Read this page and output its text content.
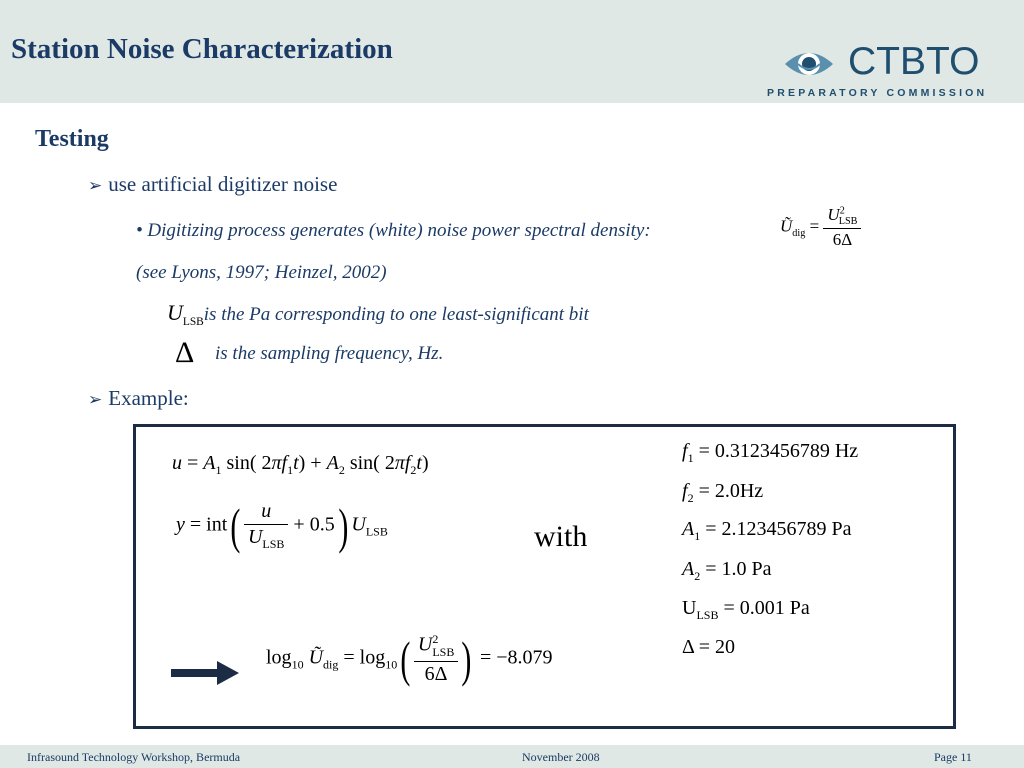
Station Noise Characterization	CTBTO
PREPARATORY COMMISSION
Testing
➢ use artificial digitizer noise
• Digitizing process generates (white) noise power spectral density:	$Ũ_{dig} = \frac{U^2_{LSB}}{6\Delta}$
(see Lyons, 1997; Heinzel, 2002)
$U_{LSB}is$ the Pa corresponding to one least-significant bit
Δ is the sampling frequency, Hz.
➢ Example:
$u = A_1$ sin( $2\pi f_1t) + A_2$ sin( $2\pi f_2t$)
$y = int( \frac{u}{U_{LSB}} + 0.5)$ $U_{LSB}$	with
$f_1 = 0.3123456789$ Hz
$f_2 = 2.0Hz$
$A_1 = 2.123456789$ Pa
$A_2 = 1.0$ Pa
$U_{LSB} = 0.001$ Pa
Δ = 20
$\log_{10}$ $Ũ_{dig} = \log_{10}( \frac{U^2_{LSB}}{6\Delta}$ ) = −8.079
Infrasound Technology Workshop, Bermuda	November 2008	Page 11
